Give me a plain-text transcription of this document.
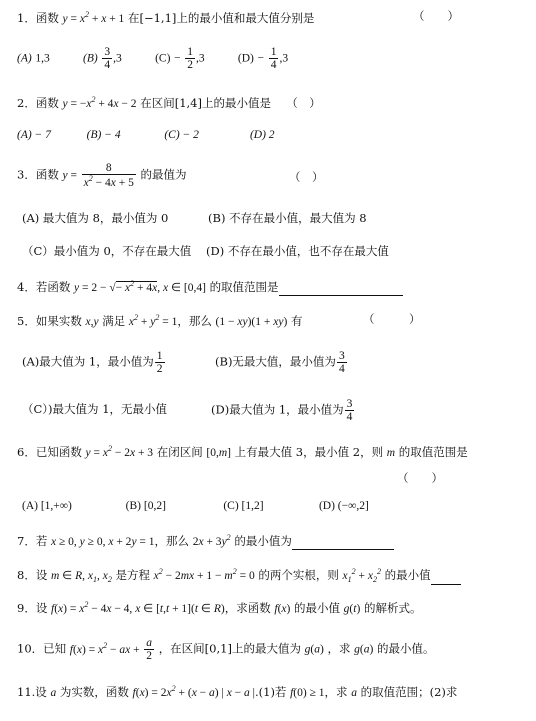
1．函数 $y = x^2 + x + 1$ 在[−1,1]上的最小值和最大值分别是	（　　）
(A) 1,3	$(B) \frac{3}{4} ,3$	$(C) - \frac{1}{2} ,3$	$(D) - \frac{1}{4} ,3$
2．函数 $y = -x^2 + 4x - 2$ 在区间[1,4]上的最小值是 （　）
(A) − 7	(B) − 4	(C) − 2	(D) 2
3．函数 $y = \frac{8}{x^2 - 4x + 5}$ 的最值为	（　）
(A) 最大值为 8，最小值为 0	(B) 不存在最小值，最大值为 8
（C）最小值为 0，不存在最大值 (D) 不存在最小值，也不存在最大值
4．若函数 y = 2 − √− $x^2 + 4x$, x ∈ [0,4] 的取值范围是
5．如果实数 x,y 满足 $x^2 + y^2 = 1$，那么 (1 − xy)(1 + xy) 有	（　　　）
(A)最大值为 1，最小值为 $\frac{1}{2}$	(B)无最大值，最小值为 $\frac{3}{4}$
（C）)最大值为 1，无最小值	(D)最大值为 1，最小值为 $\frac{3}{4}$
6．已知函数 $y = x^2 - 2x + 3$ 在闭区间 [0,m] 上有最大值 3，最小值 2，则 m 的取值范围是
（　　）
(A) [1,+∞)	(B) [0,2]	(C) [1,2]	(D) (−∞,2]
7．若 x ≥ 0, y ≥ 0, x + 2y = 1，那么 $2x + 3y^2$ 的最小值为
8．设 m ∈ R, $x_1$, $x_2$ 是方程 $x^2 - 2mx + 1 - m^2 = 0$ 的两个实根，则 $x_1^2 + x_2^2$ 的最小值
9．设 $f(x) = x^2 - 4x - 4$, x ∈ [t,t + 1](t ∈ R)，求函数 f(x) 的最小值 g(t) 的解析式。
10．已知 $f(x) = x^2$ − ax + $\frac{a}{2}$ ，在区间[0,1]上的最大值为 g(a) ，求 g(a) 的最小值。
11.设 a 为实数，函数 $f(x) = 2x^2 + (x - a)$ | x − a |.(1)若 f(0) ≥ 1，求 a 的取值范围；(2)求
